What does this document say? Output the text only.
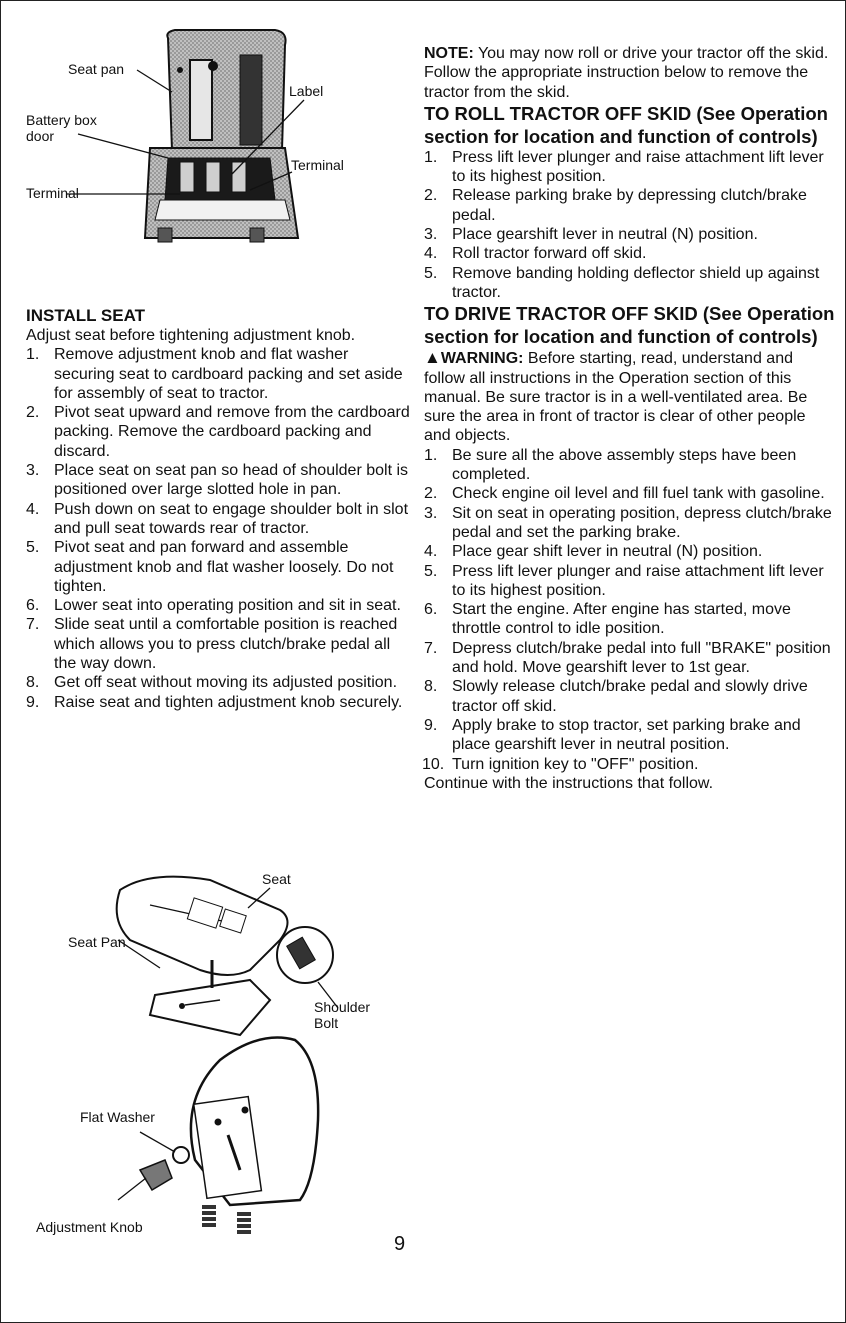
Seat pan
Battery box
door
Terminal
Label
Terminal

INSTALL SEAT

Adjust seat before tightening adjustment knob.

1. Remove adjustment knob and flat washer securing seat to cardboard packing and set aside for assembly of seat to tractor.
2. Pivot seat upward and remove from the cardboard packing. Remove the cardboard packing and discard.
3. Place seat on seat pan so head of shoulder bolt is positioned over large slotted hole in pan.
4. Push down on seat to engage shoulder bolt in slot and pull seat towards rear of tractor.
5. Pivot seat and pan forward and assemble adjustment knob and flat washer loosely. Do not tighten.
6. Lower seat into operating position and sit in seat.
7. Slide seat until a comfortable position is reached which allows you to press clutch/brake pedal all the way down.
8. Get off seat without moving its adjusted position.
9. Raise seat and tighten adjustment knob securely.
Seat
Seat Pan
Shoulder
Bolt
Flat Washer
Adjustment Knob

NOTE: You may now roll or drive your tractor off the skid. Follow the appropriate instruction below to remove the tractor from the skid.

TO ROLL TRACTOR OFF SKID (See Operation section for location and function of controls)

1. Press lift lever plunger and raise attachment lift lever to its highest position.
2. Release parking brake by depressing clutch/brake pedal.
3. Place gearshift lever in neutral (N) position.
4. Roll tractor forward off skid.
5. Remove banding holding deflector shield up against tractor.

TO DRIVE TRACTOR OFF SKID (See Operation section for location and function of controls)

▲WARNING: Before starting, read, understand and follow all instructions in the Operation section of this manual. Be sure tractor is in a well-ventilated area. Be sure the area in front of tractor is clear of other people and objects.

1. Be sure all the above assembly steps have been completed.
2. Check engine oil level and fill fuel tank with gasoline.
3. Sit on seat in operating position, depress clutch/brake pedal and set the parking brake.
4. Place gear shift lever in neutral (N) position.
5. Press lift lever plunger and raise attachment lift lever to its highest position.
6. Start the engine. After engine has started, move throttle control to idle position.
7. Depress clutch/brake pedal into full "BRAKE" position and hold. Move gearshift lever to 1st gear.
8. Slowly release clutch/brake pedal and slowly drive tractor off skid.
9. Apply brake to stop tractor, set parking brake and place gearshift lever in neutral position.
10. Turn ignition key to "OFF" position.

Continue with the instructions that follow.

9
